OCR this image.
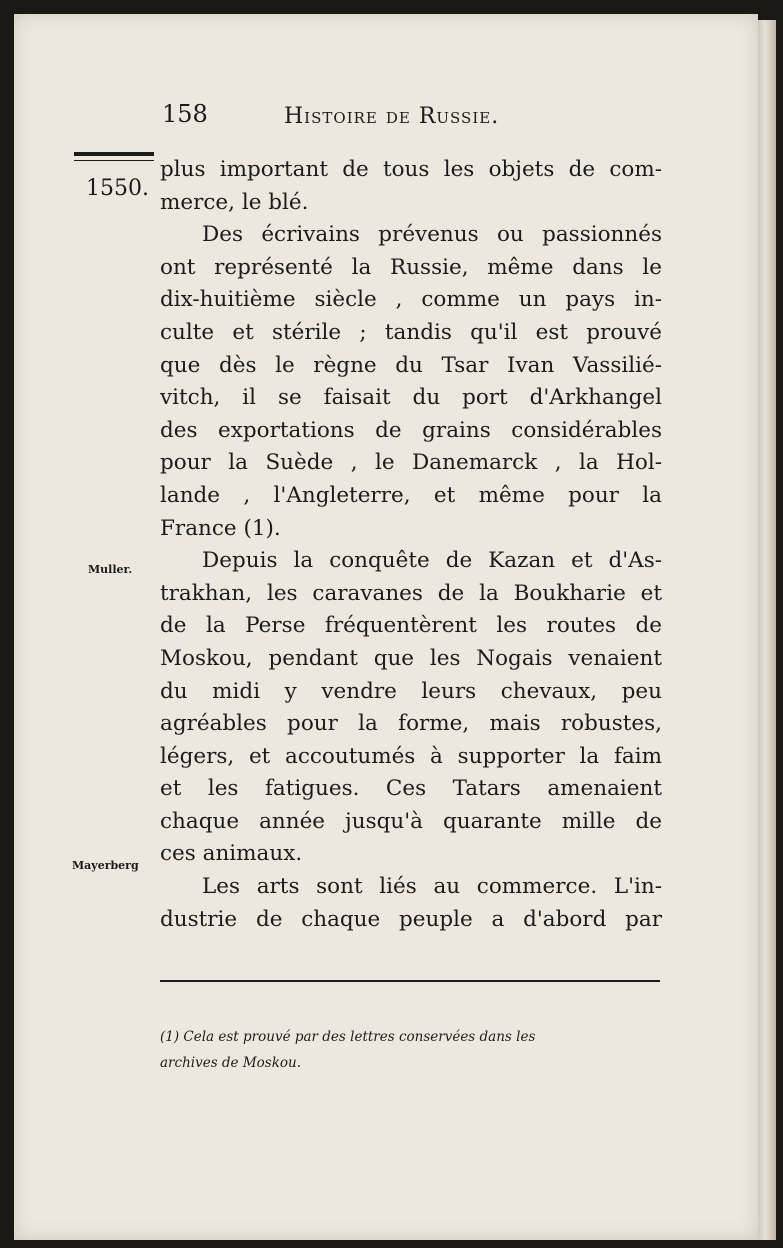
158	Histoire de Russie.
1550.
Muller.
Mayerberg
plus important de tous les objets de com-
merce, le blé.
Des écrivains prévenus ou passionnés
ont représenté la Russie, même dans le
dix-huitième siècle , comme un pays in-
culte et stérile ; tandis qu'il est prouvé
que dès le règne du Tsar Ivan Vassilié-
vitch, il se faisait du port d'Arkhangel
des exportations de grains considérables
pour la Suède , le Danemarck , la Hol-
lande , l'Angleterre, et même pour la
France (1).
Depuis la conquête de Kazan et d'As-
trakhan, les caravanes de la Boukharie et
de la Perse fréquentèrent les routes de
Moskou, pendant que les Nogais venaient
du midi y vendre leurs chevaux, peu
agréables pour la forme, mais robustes,
légers, et accoutumés à supporter la faim
et les fatigues. Ces Tatars amenaient
chaque année jusqu'à quarante mille de
ces animaux.
Les arts sont liés au commerce. L'in-
dustrie de chaque peuple a d'abord par
(1) Cela est prouvé par des lettres conservées dans les
archives de Moskou.
